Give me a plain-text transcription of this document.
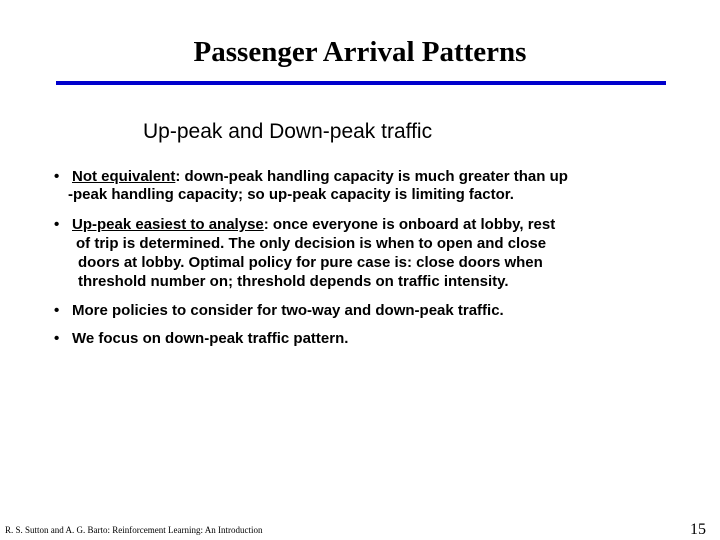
Passenger Arrival Patterns
Up-peak and Down-peak traffic
• Not equivalent: down-peak handling capacity is much greater than up
-peak handling capacity; so up-peak capacity is limiting factor.
• Up-peak easiest to analyse: once everyone is onboard at lobby, rest
of trip is determined. The only decision is when to open and close
doors at lobby. Optimal policy for pure case is: close doors when
threshold number on; threshold depends on traffic intensity.
• More policies to consider for two-way and down-peak traffic.
• We focus on down-peak traffic pattern.
R. S. Sutton and A. G. Barto: Reinforcement Learning: An Introduction	15
